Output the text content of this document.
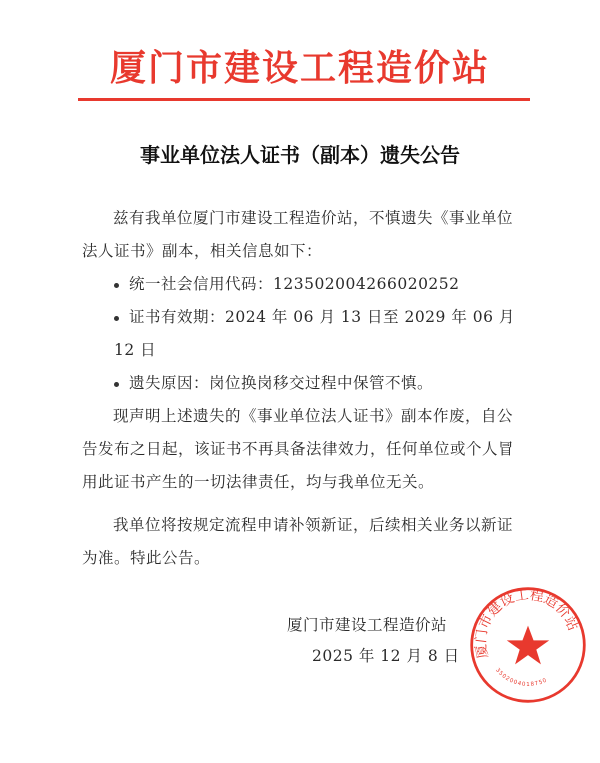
厦门市建设工程造价站
事业单位法人证书（副本）遗失公告

兹有我单位厦门市建设工程造价站，不慎遗失《事业单位法人证书》副本，相关信息如下：

统一社会信用代码：123502004266020252
证书有效期：2024 年 06 月 13 日至 2029 年 06 月 12 日
遗失原因：岗位换岗移交过程中保管不慎。

现声明上述遗失的《事业单位法人证书》副本作废，自公告发布之日起，该证书不再具备法律效力，任何单位或个人冒用此证书产生的一切法律责任，均与我单位无关。

我单位将按规定流程申请补领新证，后续相关业务以新证为准。特此公告。

厦门市建设工程造价站
3502004018750
厦门市建设工程造价站
2025 年 12 月 8 日
